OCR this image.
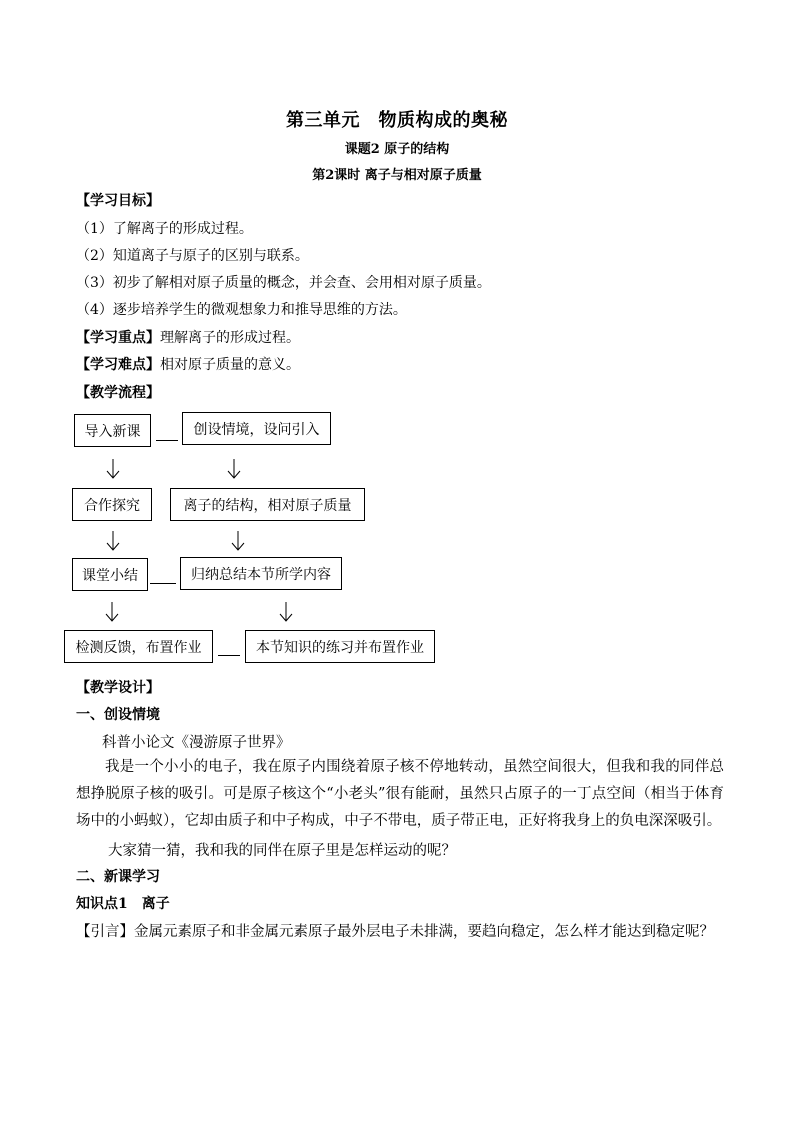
第三单元　物质构成的奥秘
课题2 原子的结构
第2课时 离子与相对原子质量
【学习目标】
（1）了解离子的形成过程。
（2）知道离子与原子的区别与联系。
（3）初步了解相对原子质量的概念，并会查、会用相对原子质量。
（4）逐步培养学生的微观想象力和推导思维的方法。
【学习重点】理解离子的形成过程。
【学习难点】相对原子质量的意义。
【教学流程】
导入新课	创设情境，设问引入
合作探究	离子的结构，相对原子质量
课堂小结	归纳总结本节所学内容
检测反馈，布置作业	本节知识的练习并布置作业
【教学设计】
一、创设情境
科普小论文《漫游原子世界》
我是一个小小的电子，我在原子内围绕着原子核不停地转动，虽然空间很大，但我和我的同伴总想挣脱原子核的吸引。可是原子核这个“小老头”很有能耐，虽然只占原子的一丁点空间（相当于体育场中的小蚂蚁），它却由质子和中子构成，中子不带电，质子带正电，正好将我身上的负电深深吸引。
大家猜一猜，我和我的同伴在原子里是怎样运动的呢？
二、新课学习
知识点1　离子
【引言】金属元素原子和非金属元素原子最外层电子未排满，要趋向稳定，怎么样才能达到稳定呢？
